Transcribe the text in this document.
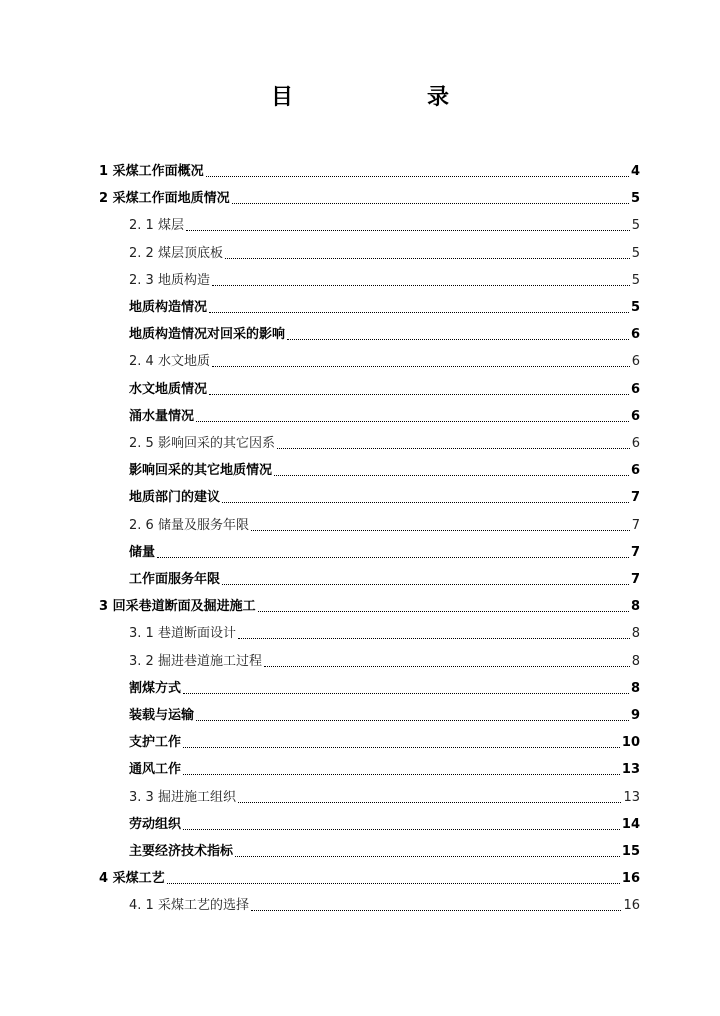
目　　录
1 采煤工作面概况	4
2 采煤工作面地质情况	5
2. 1 煤层	5
2. 2 煤层顶底板	5
2. 3 地质构造	5
地质构造情况	5
地质构造情况对回采的影响	6
2. 4 水文地质	6
水文地质情况	6
涌水量情况	6
2. 5 影响回采的其它因系	6
影响回采的其它地质情况	6
地质部门的建议	7
2. 6 储量及服务年限	7
储量	7
工作面服务年限	7
3 回采巷道断面及掘进施工	8
3. 1 巷道断面设计	8
3. 2 掘进巷道施工过程	8
割煤方式	8
装载与运输	9
支护工作	10
通风工作	13
3. 3 掘进施工组织	13
劳动组织	14
主要经济技术指标	15
4 采煤工艺	16
4. 1 采煤工艺的选择	16
